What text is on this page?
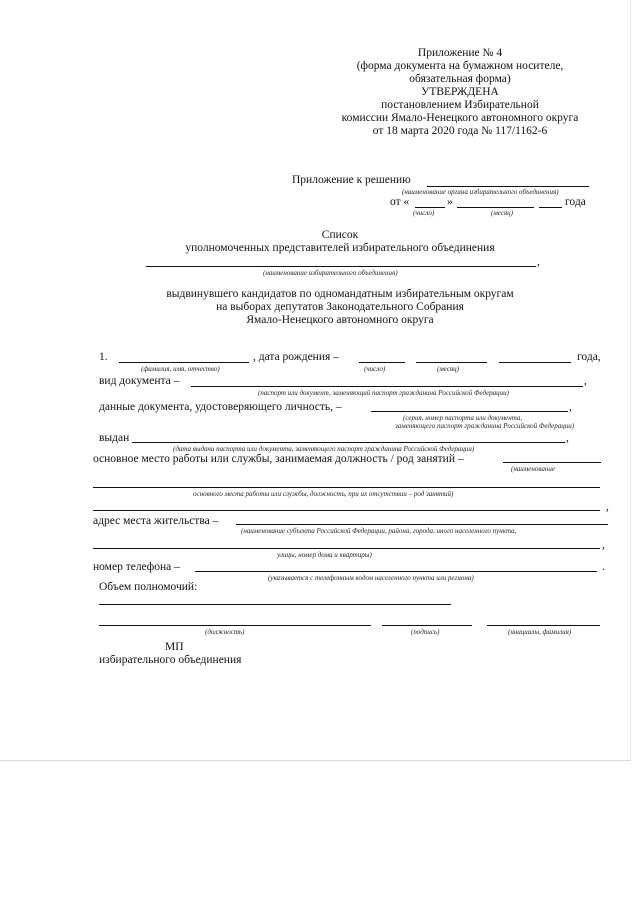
Приложение № 4
(форма документа на бумажном носителе,
обязательная форма)
УТВЕРЖДЕНА
постановлением Избирательной
комиссии Ямало-Ненецкого автономного округа
от 18 марта 2020 года № 117/1162-6
Приложение к решению
(наименование органа избирательного объединения)
от «	»	года
(число)	(месяц)
Список
уполномоченных представителей избирательного объединения
,
(наименование избирательного объединения)
выдвинувшего кандидатов по одномандатным избирательным округам
на выборах депутатов Законодательного Собрания
Ямало-Ненецкого автономного округа
1.	, дата рождения –	года,
(фамилия, имя, отчество)	(число)	(месяц)
вид документа –	,
(паспорт или документ, заменяющий паспорт гражданина Российской Федерации)
данные документа, удостоверяющего личность, –	,
(серия, номер паспорта или документа,
заменяющего паспорт гражданина Российской Федерации)
выдан	,
(дата выдачи паспорта или документа, заменяющего паспорт гражданина Российской Федерации)
основное место работы или службы, занимаемая должность / род занятий –
(наименование
основного места работы или службы, должность, при их отсутствии – род занятий)
,
адрес места жительства –
(наименование субъекта Российской Федерации, района, города, иного населенного пункта,
,
улицы, номер дома и квартиры)
номер телефона –	.
(указывается с телефонным кодом населенного пункта или региона)
Объем полномочий:
(должность)	(подпись)	(инициалы, фамилия)
МП
избирательного объединения
